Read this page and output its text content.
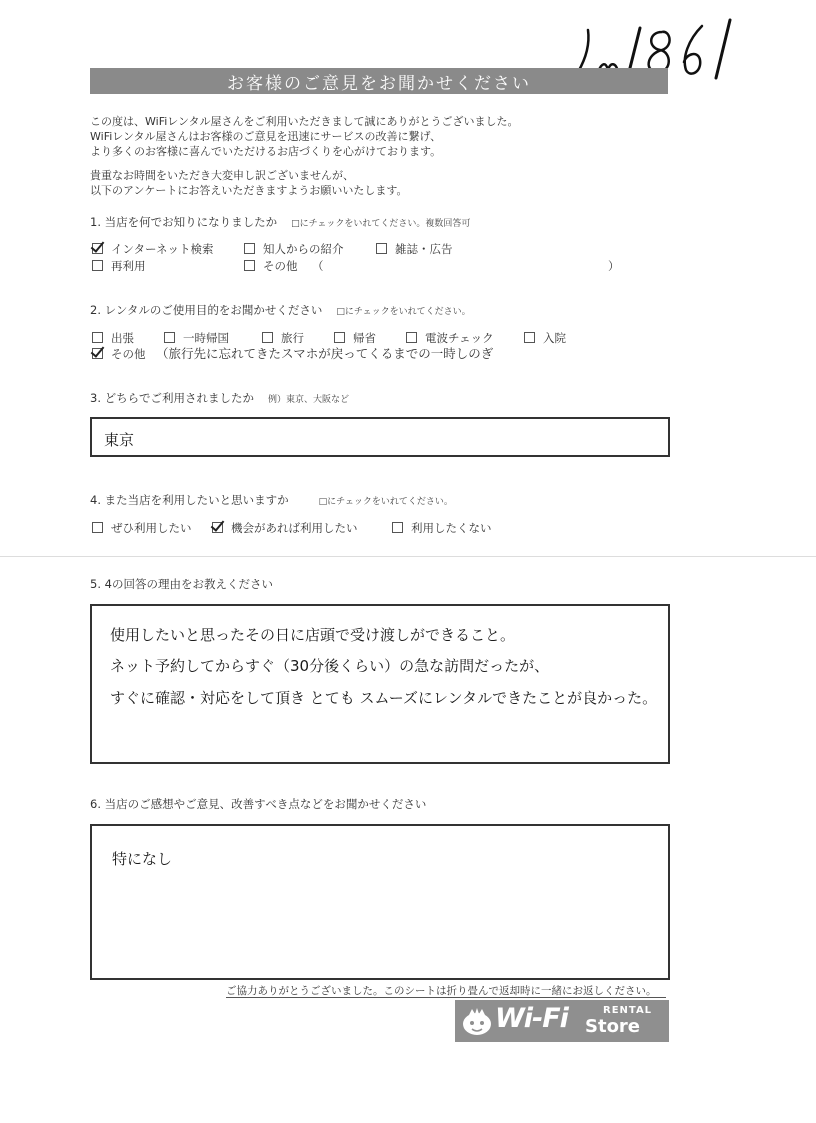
お客様のご意見をお聞かせください
この度は、WiFiレンタル屋さんをご利用いただきまして誠にありがとうございました。
WiFiレンタル屋さんはお客様のご意見を迅速にサービスの改善に繋げ、
より多くのお客様に喜んでいただけるお店づくりを心がけております。
貴重なお時間をいただき大変申し訳ございませんが、
以下のアンケートにお答えいただきますようお願いいたします。
1. 当店を何でお知りになりましたか □にチェックをいれてください。複数回答可
インターネット検索	知人からの紹介	雑誌・広告
再利用	その他 （	）
2. レンタルのご使用目的をお聞かせください □にチェックをいれてください。
出張	一時帰国	旅行	帰省	電波チェック	入院
その他 （旅行先に忘れてきたスマホが戻ってくるまでの一時しのぎ
3. どちらでご利用されましたか 例）東京、大阪など
東京
4. また当店を利用したいと思いますか	□にチェックをいれてください。
ぜひ利用したい	機会があれば利用したい	利用したくない
5. 4の回答の理由をお教えください
使用したいと思ったその日に店頭で受け渡しができること。
ネット予約してからすぐ（30分後くらい）の急な訪問だったが、
すぐに確認・対応をして頂き とても スムーズにレンタルできたことが良かった。
6. 当店のご感想やご意見、改善すべき点などをお聞かせください
特になし
ご協力ありがとうございました。このシートは折り畳んで返却時に一緒にお返しください。
Wi-Fi	RENTAL
Store
